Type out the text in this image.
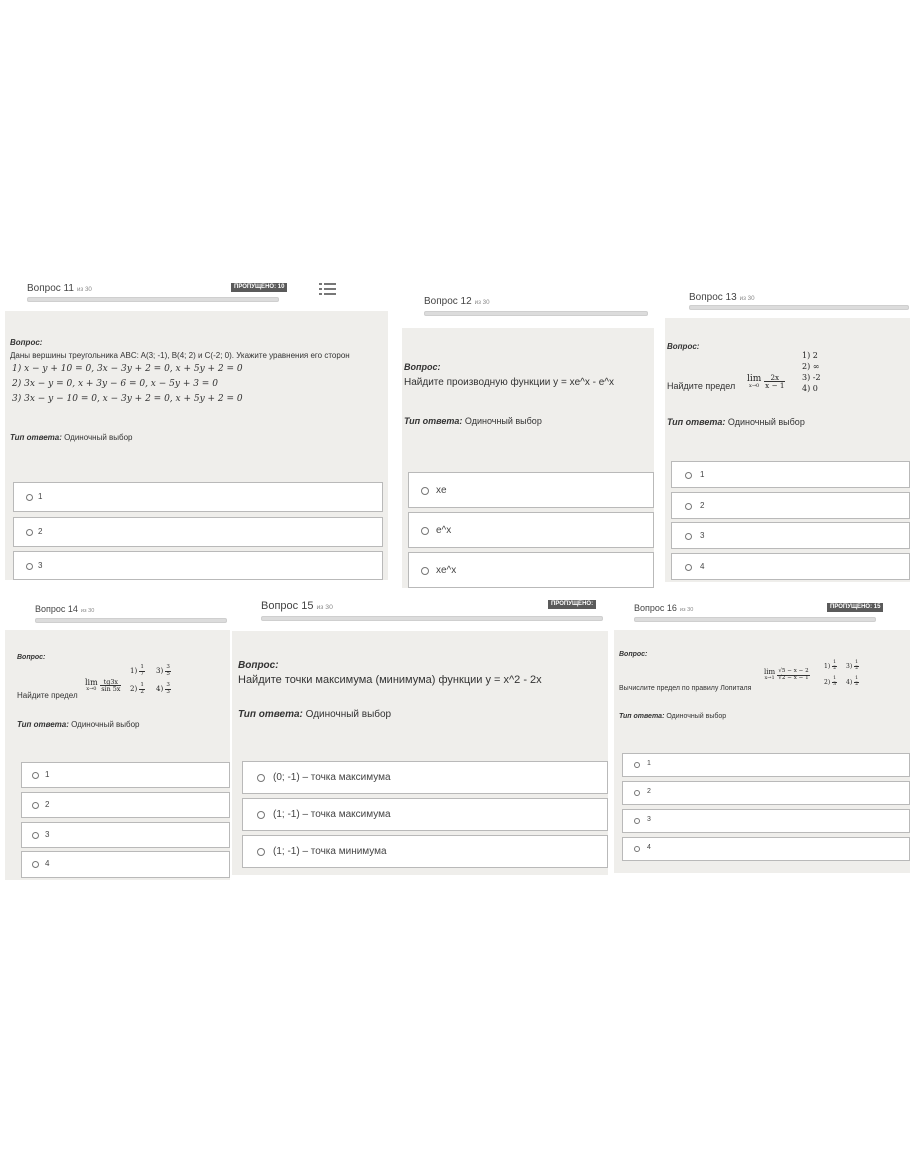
Вопрос 11 из 30	ПРОПУЩЕНО: 10
Вопрос:
Даны вершины треугольника ABC: A(3; -1), B(4; 2) и C(-2; 0). Укажите уравнения его сторон
1) x − y + 10 = 0, 3x − 3y + 2 = 0, x + 5y + 2 = 0
2) 3x − y = 0, x + 3y − 6 = 0, x − 5y + 3 = 0
3) 3x − y − 10 = 0, x − 3y + 2 = 0, x + 5y + 2 = 0
Тип ответа: Одиночный выбор
1
2
3
Вопрос 12 из 30
Вопрос:
Найдите производную функции y = xe^x - e^x
Тип ответа: Одиночный выбор
xe
e^x
xe^x
Вопрос 13 из 30
Вопрос:
1) 2
2) ∞
3) -2
4) 0
Найдите предел
lim
x→0
$\frac{2x}{x - 1}$
Тип ответа: Одиночный выбор
1
2
3
4
Вопрос 14 из 30
Вопрос:
$1) \frac{1}{7} 3) \frac{3}{5}$
$2) \frac{1}{2} 4) \frac{3}{3}$
Найдите предел
lim
x→0
$\frac{tg3x}{\sin 5x}$
Тип ответа: Одиночный выбор
1
2
3
4
Вопрос 15 из 30	ПРОПУЩЕНО:
Вопрос:
Найдите точки максимума (минимума) функции y = x^2 - 2x
Тип ответа: Одиночный выбор
(0; -1) – точка максимума
(1; -1) – точка максимума
(1; -1) – точка минимума
Вопрос 16 из 30	ПРОПУЩЕНО: 15
Вопрос:
Вычислите предел по правилу Лопиталя
lim
x→1
$\frac{√5 - x - 2}{√2 - x - 1}$
$1) \frac{1}{2} 3) \frac{1}{2}$
$2) \frac{1}{3} 4) \frac{1}{2}$
Тип ответа: Одиночный выбор
1
2
3
4
